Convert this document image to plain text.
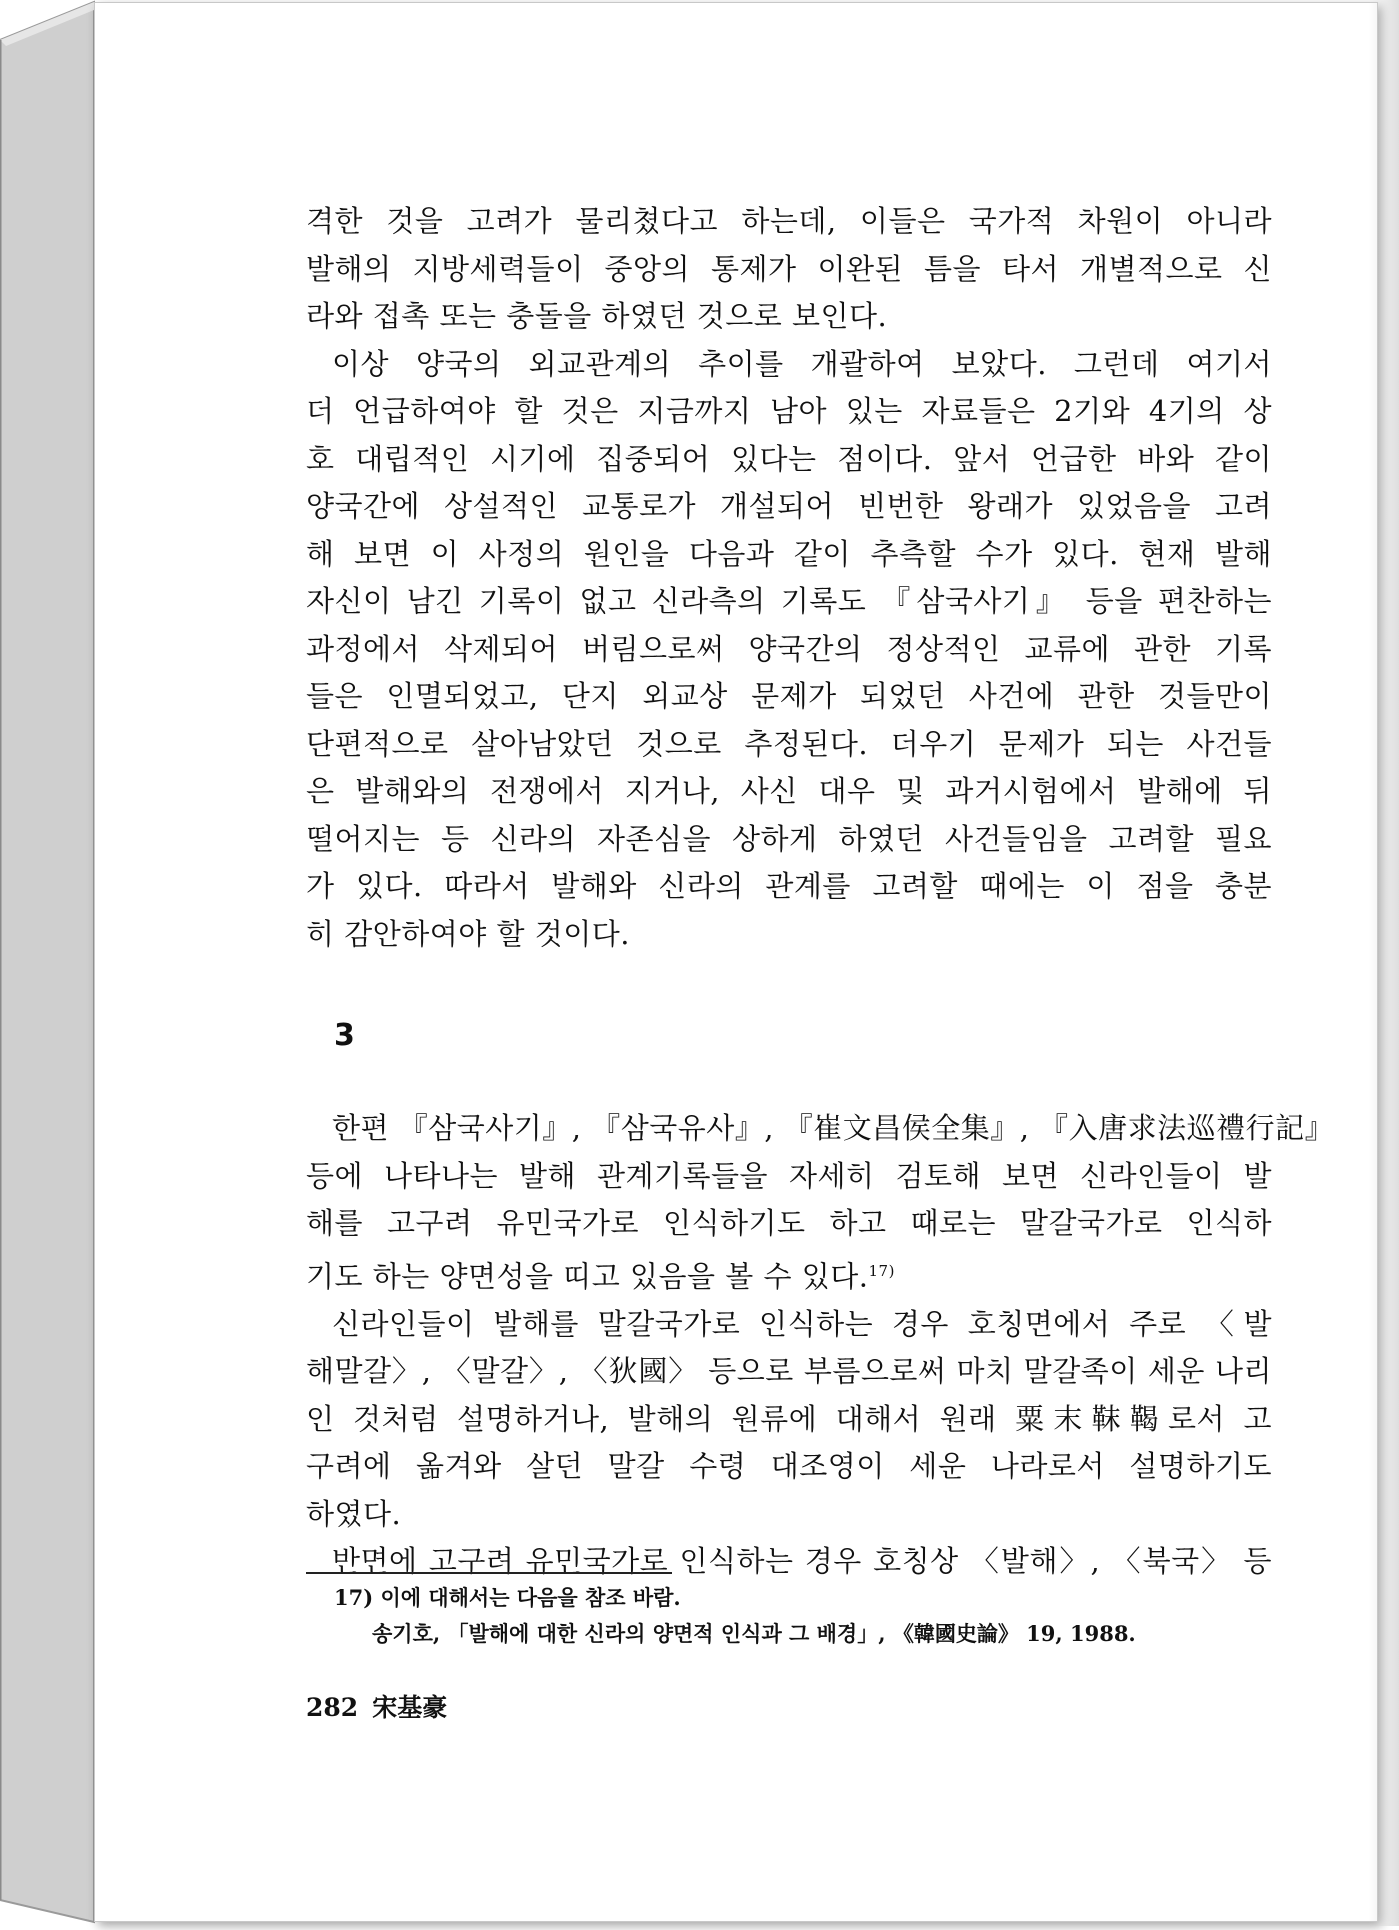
격한 것을 고려가 물리쳤다고 하는데, 이들은 국가적 차원이 아니라
발해의 지방세력들이 중앙의 통제가 이완된 틈을 타서 개별적으로 신
라와 접촉 또는 충돌을 하였던 것으로 보인다.

이상 양국의 외교관계의 추이를 개괄하여 보았다. 그런데 여기서
더 언급하여야 할 것은 지금까지 남아 있는 자료들은 2기와 4기의 상
호 대립적인 시기에 집중되어 있다는 점이다. 앞서 언급한 바와 같이
양국간에 상설적인 교통로가 개설되어 빈번한 왕래가 있었음을 고려
해 보면 이 사정의 원인을 다음과 같이 추측할 수가 있다. 현재 발해
자신이 남긴 기록이 없고 신라측의 기록도 『삼국사기』 등을 편찬하는
과정에서 삭제되어 버림으로써 양국간의 정상적인 교류에 관한 기록
들은 인멸되었고, 단지 외교상 문제가 되었던 사건에 관한 것들만이
단편적으로 살아남았던 것으로 추정된다. 더우기 문제가 되는 사건들
은 발해와의 전쟁에서 지거나, 사신 대우 및 과거시험에서 발해에 뒤
떨어지는 등 신라의 자존심을 상하게 하였던 사건들임을 고려할 필요
가 있다. 따라서 발해와 신라의 관계를 고려할 때에는 이 점을 충분
히 감안하여야 할 것이다.

3

한편 『삼국사기』, 『삼국유사』, 『崔文昌侯全集』, 『入唐求法巡禮行記』
등에 나타나는 발해 관계기록들을 자세히 검토해 보면 신라인들이 발
해를 고구려 유민국가로 인식하기도 하고 때로는 말갈국가로 인식하
기도 하는 양면성을 띠고 있음을 볼 수 있다.$^{17)}$

신라인들이 발해를 말갈국가로 인식하는 경우 호칭면에서 주로 〈발
해말갈〉, 〈말갈〉, 〈狄國〉 등으로 부름으로써 마치 말갈족이 세운 나리
인 것처럼 설명하거나, 발해의 원류에 대해서 원래 粟末靺鞨로서 고
구려에 옮겨와 살던 말갈 수령 대조영이 세운 나라로서 설명하기도
하였다.

반면에 고구려 유민국가로 인식하는 경우 호칭상 〈발해〉, 〈북국〉 등

17) 이에 대해서는 다음을 참조 바람.
송기호, 「발해에 대한 신라의 양면적 인식과 그 배경」, 《韓國史論》 19, 1988.
282 宋基豪
